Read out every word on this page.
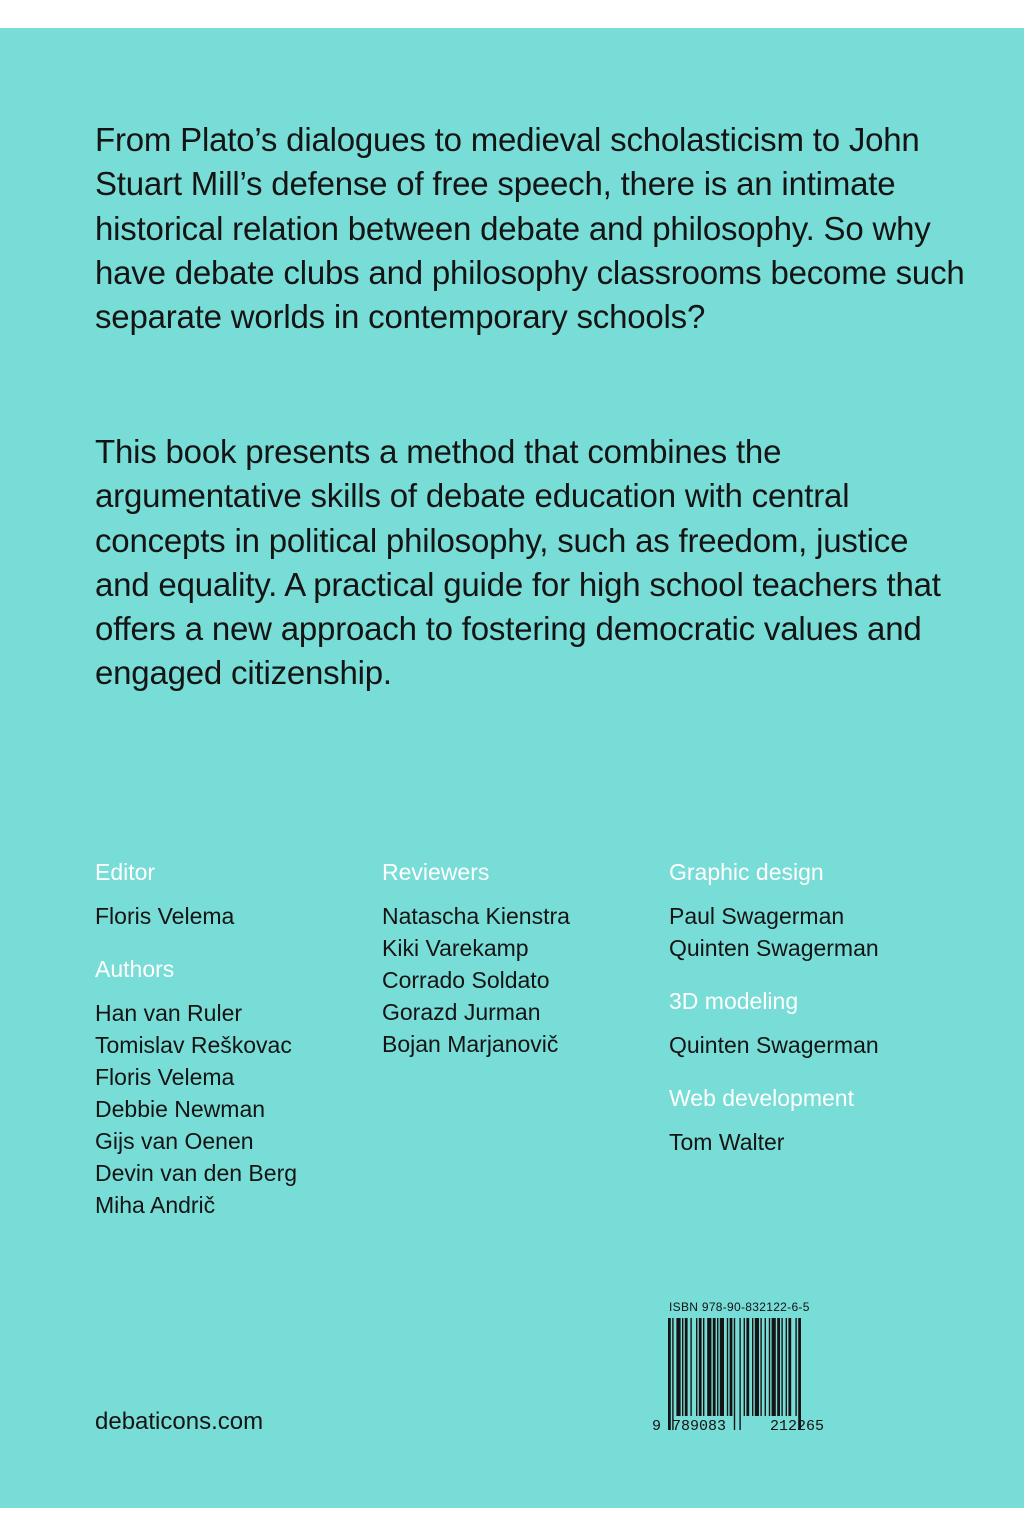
From Plato’s dialogues to medieval scholasticism to John Stuart Mill’s defense of free speech, there is an intimate historical relation between debate and philosophy. So why have debate clubs and philosophy classrooms become such separate worlds in contemporary schools?

This book presents a method that combines the argumentative skills of debate education with central concepts in political philosophy, such as freedom, justice and equality. A practical guide for high school teachers that offers a new approach to fostering democratic values and engaged citizenship.

Editor
Floris Velema
Authors
Han van Ruler
Tomislav Reškovac
Floris Velema
Debbie Newman
Gijs van Oenen
Devin van den Berg
Miha Andrič
Reviewers
Natascha Kienstra
Kiki Varekamp
Corrado Soldato
Gorazd Jurman
Bojan Marjanovič
Graphic design
Paul Swagerman
Quinten Swagerman
3D modeling
Quinten Swagerman
Web development
Tom Walter
debaticons.com
ISBN 978-90-832122-6-5
9 789083	212265
